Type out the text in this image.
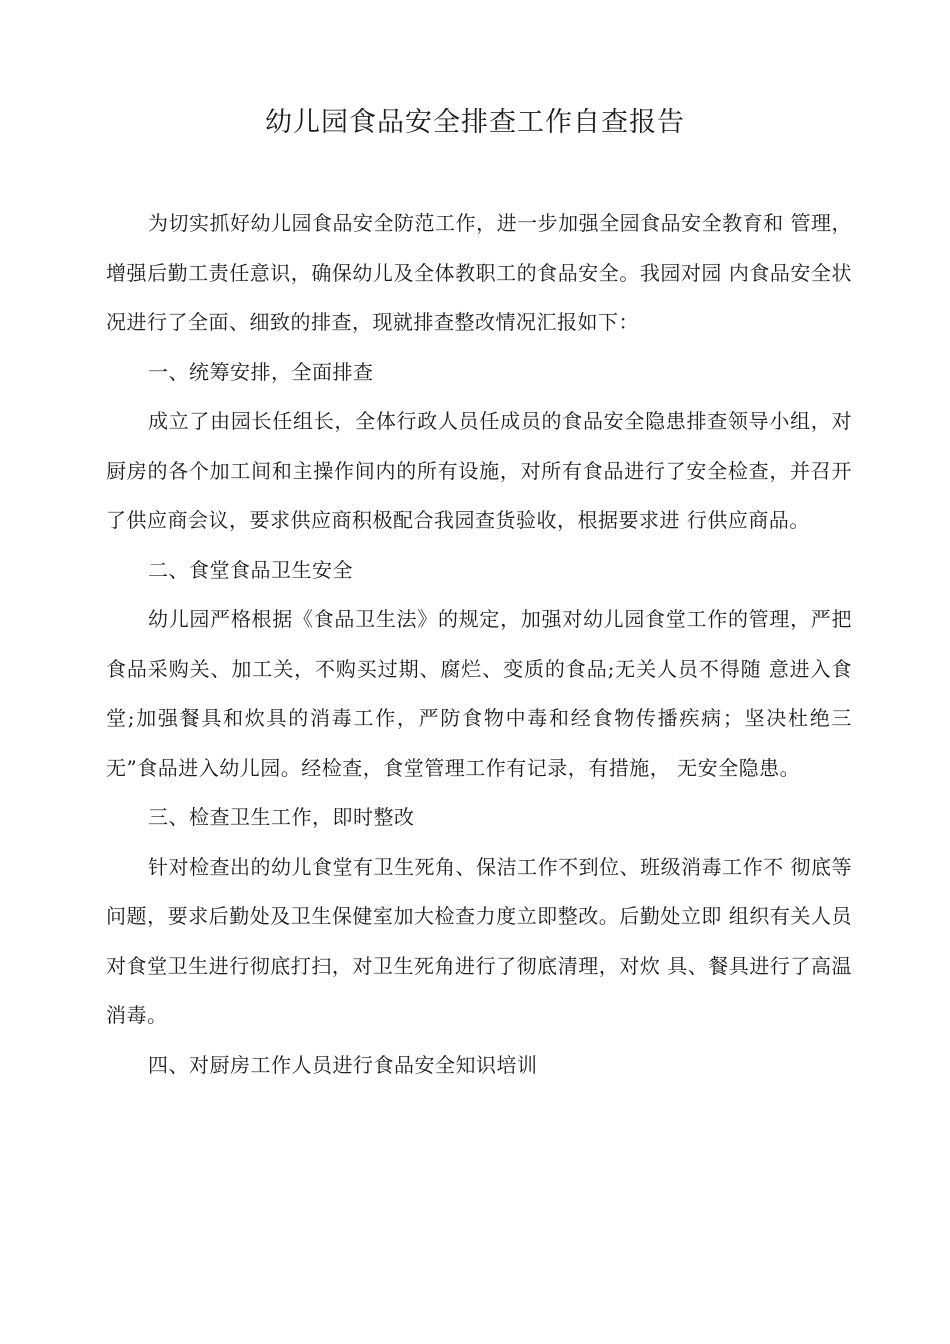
幼儿园食品安全排查工作自查报告

为切实抓好幼儿园食品安全防范工作，进一步加强全园食品安全教育和 管理，增强后勤工责任意识，确保幼儿及全体教职工的食品安全。我园对园 内食品安全状况进行了全面、细致的排查，现就排查整改情况汇报如下：

一、统筹安排，全面排查

成立了由园长任组长，全体行政人员任成员的食品安全隐患排查领导小组，对厨房的各个加工间和主操作间内的所有设施，对所有食品进行了安全检查，并召开了供应商会议，要求供应商积极配合我园查货验收，根据要求进 行供应商品。

二、食堂食品卫生安全

幼儿园严格根据《食品卫生法》的规定，加强对幼儿园食堂工作的管理，严把食品采购关、加工关，不购买过期、腐烂、变质的食品;无关人员不得随 意进入食堂;加强餐具和炊具的消毒工作，严防食物中毒和经食物传播疾病；坚决杜绝三无”食品进入幼儿园。经检查，食堂管理工作有记录，有措施， 无安全隐患。

三、检查卫生工作，即时整改

针对检查出的幼儿食堂有卫生死角、保洁工作不到位、班级消毒工作不 彻底等问题，要求后勤处及卫生保健室加大检查力度立即整改。后勤处立即 组织有关人员对食堂卫生进行彻底打扫，对卫生死角进行了彻底清理，对炊 具、餐具进行了高温消毒。

四、对厨房工作人员进行食品安全知识培训
